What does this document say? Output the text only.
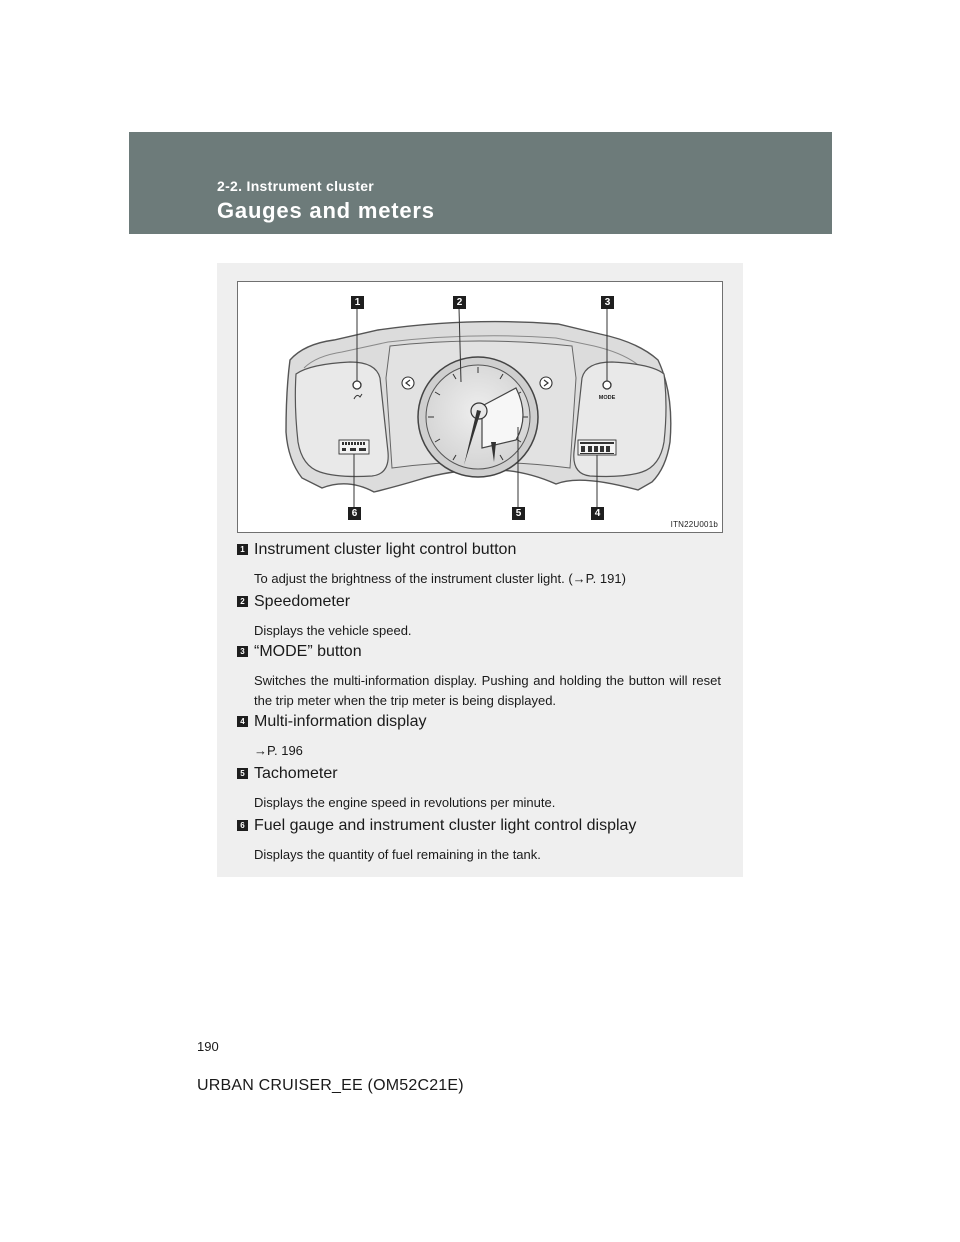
2-2. Instrument cluster
Gauges and meters
MODE
1	2	3
4
5
6
ITN22U001b
1 Instrument cluster light control button
To adjust the brightness of the instrument cluster light. (→P. 191)
2 Speedometer
Displays the vehicle speed.
3 “MODE” button
Switches the multi-information display. Pushing and holding the button will reset the trip meter when the trip meter is being displayed.
4 Multi-information display
→P. 196
5 Tachometer
Displays the engine speed in revolutions per minute.
6 Fuel gauge and instrument cluster light control display
Displays the quantity of fuel remaining in the tank.
190
URBAN CRUISER_EE (OM52C21E)
